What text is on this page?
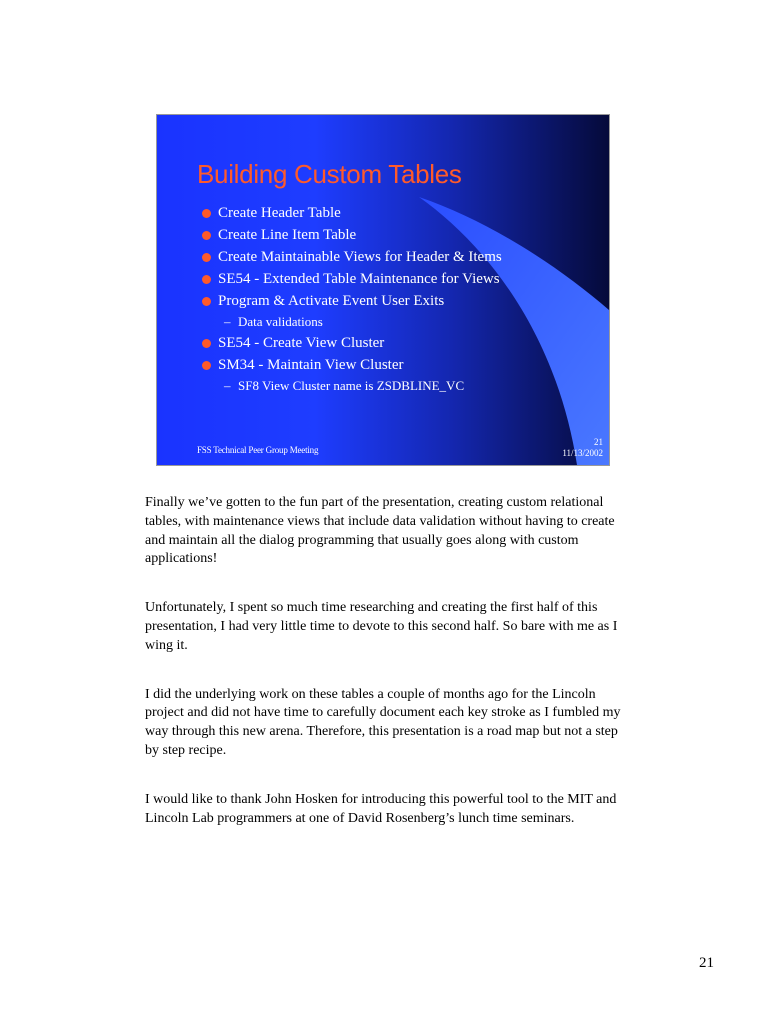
Building Custom Tables
Create Header Table
Create Line Item Table
Create Maintainable Views for Header & Items
SE54 - Extended Table Maintenance for Views
Program & Activate Event User Exits
– Data validations
SE54 - Create View Cluster
SM34 - Maintain View Cluster
– SF8 View Cluster name is ZSDBLINE_VC
FSS Technical Peer Group Meeting
21
11/13/2002

Finally we’ve gotten to the fun part of the presentation, creating custom relational tables, with maintenance views that include data validation without having to create and maintain all the dialog programming that usually goes along with custom applications!

Unfortunately, I spent so much time researching and creating the first half of this presentation, I had very little time to devote to this second half. So bare with me as I wing it.

I did the underlying work on these tables a couple of months ago for the Lincoln project and did not have time to carefully document each key stroke as I fumbled my way through this new arena. Therefore, this presentation is a road map but not a step by step recipe.

I would like to thank John Hosken for introducing this powerful tool to the MIT and Lincoln Lab programmers at one of David Rosenberg’s lunch time seminars.

21
